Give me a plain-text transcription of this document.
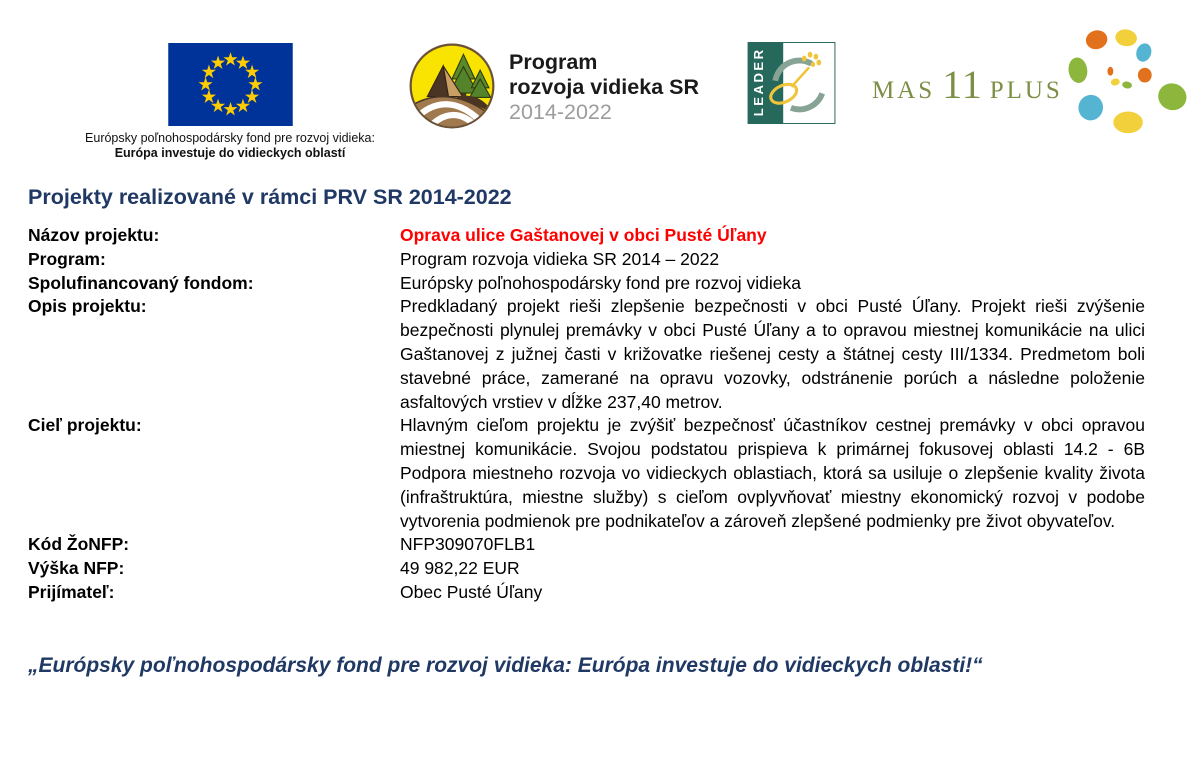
Európsky poľnohospodársky fond pre rozvoj vidieka:
Európa investuje do vidieckych oblastí
Program
rozvoja vidieka SR
2014-2022	LEADER	MAS 11 PLUS
Projekty realizované v rámci PRV SR 2014-2022
Názov projektu:	Oprava ulice Gaštanovej v obci Pusté Úľany
Program:	Program rozvoja vidieka SR 2014 – 2022
Spolufinancovaný fondom:	Európsky poľnohospodársky fond pre rozvoj vidieka
Opis projektu:	Predkladaný projekt rieši zlepšenie bezpečnosti v obci Pusté Úľany. Projekt rieši zvýšenie bezpečnosti plynulej premávky v obci Pusté Úľany a to opravou miestnej komunikácie na ulici Gaštanovej z južnej časti v križovatke riešenej cesty a štátnej cesty III/1334. Predmetom boli stavebné práce, zamerané na opravu vozovky, odstránenie porúch a následne položenie asfaltových vrstiev v dĺžke 237,40 metrov.
Cieľ projektu:	Hlavným cieľom projektu je zvýšiť bezpečnosť účastníkov cestnej premávky v obci opravou miestnej komunikácie. Svojou podstatou prispieva k primárnej fokusovej oblasti 14.2 - 6B Podpora miestneho rozvoja vo vidieckych oblastiach, ktorá sa usiluje o zlepšenie kvality života (infraštruktúra, miestne služby) s cieľom ovplyvňovať miestny ekonomický rozvoj v podobe vytvorenia podmienok pre podnikateľov a zároveň zlepšené podmienky pre život obyvateľov.
Kód ŽoNFP:	NFP309070FLB1
Výška NFP:	49 982,22 EUR
Prijímateľ:	Obec Pusté Úľany

„Európsky poľnohospodársky fond pre rozvoj vidieka: Európa investuje do vidieckych oblasti!“
